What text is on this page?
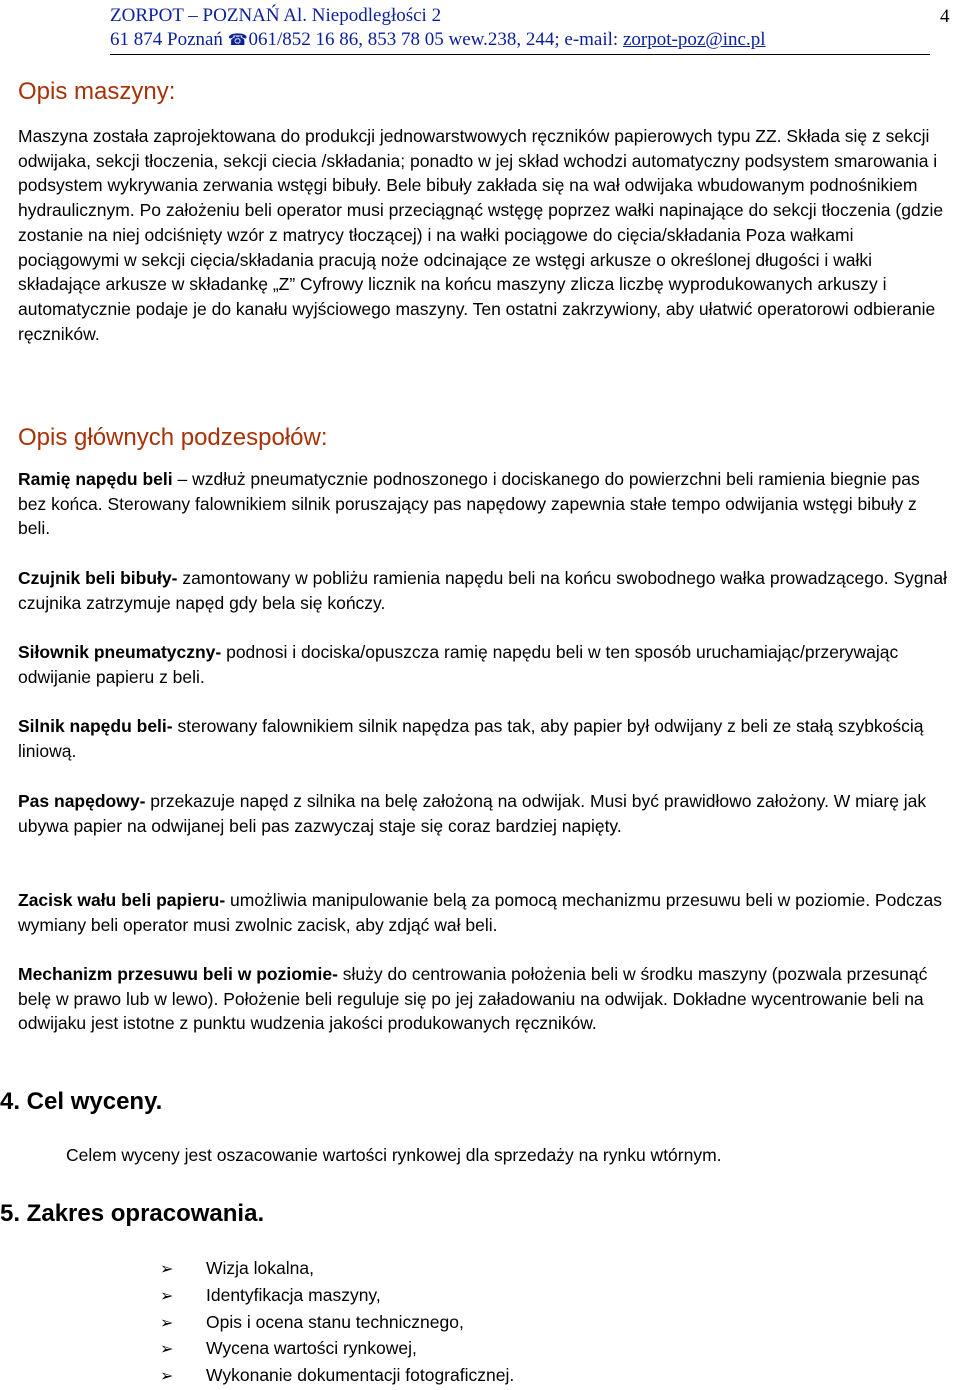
ZORPOT – POZNAŃ Al. Niepodległości 2
61 874 Poznań ☎ 061/852 16 86, 853 78 05 wew.238, 244; e-mail: zorpot-poz@inc.pl
4
Opis maszyny:

Maszyna została zaprojektowana do produkcji jednowarstwowych ręczników papierowych typu ZZ. Składa się z sekcji odwijaka, sekcji tłoczenia, sekcji ciecia /składania; ponadto w jej skład wchodzi automatyczny podsystem smarowania i podsystem wykrywania zerwania wstęgi bibuły. Bele bibuły zakłada się na wał odwijaka wbudowanym podnośnikiem hydraulicznym. Po założeniu beli operator musi przeciągnąć wstęgę poprzez wałki napinające do sekcji tłoczenia (gdzie zostanie na niej odciśnięty wzór z matrycy tłoczącej) i na wałki pociągowe do cięcia/składania Poza wałkami pociągowymi w sekcji cięcia/składania pracują noże odcinające ze wstęgi arkusze o określonej długości i wałki składające arkusze w składankę „Z” Cyfrowy licznik na końcu maszyny zlicza liczbę wyprodukowanych arkuszy i automatycznie podaje je do kanału wyjściowego maszyny. Ten ostatni zakrzywiony, aby ułatwić operatorowi odbieranie ręczników.

Opis głównych podzespołów:

Ramię napędu beli – wzdłuż pneumatycznie podnoszonego i dociskanego do powierzchni beli ramienia biegnie pas bez końca. Sterowany falownikiem silnik poruszający pas napędowy zapewnia stałe tempo odwijania wstęgi bibuły z beli.

Czujnik beli bibuły- zamontowany w pobliżu ramienia napędu beli na końcu swobodnego wałka prowadzącego. Sygnał czujnika zatrzymuje napęd gdy bela się kończy.

Siłownik pneumatyczny- podnosi i dociska/opuszcza ramię napędu beli w ten sposób uruchamiając/przerywając odwijanie papieru z beli.

Silnik napędu beli- sterowany falownikiem silnik napędza pas tak, aby papier był odwijany z beli ze stałą szybkością liniową.

Pas napędowy- przekazuje napęd z silnika na belę założoną na odwijak. Musi być prawidłowo założony. W miarę jak ubywa papier na odwijanej beli pas zazwyczaj staje się coraz bardziej napięty.

Zacisk wału beli papieru- umożliwia manipulowanie belą za pomocą mechanizmu przesuwu beli w poziomie. Podczas wymiany beli operator musi zwolnic zacisk, aby zdjąć wał beli.

Mechanizm przesuwu beli w poziomie- służy do centrowania położenia beli w środku maszyny (pozwala przesunąć belę w prawo lub w lewo). Położenie beli reguluje się po jej załadowaniu na odwijak. Dokładne wycentrowanie beli na odwijaku jest istotne z punktu wudzenia jakości produkowanych ręczników.

4. Cel wyceny.

Celem wyceny jest oszacowanie wartości rynkowej dla sprzedaży na rynku wtórnym.

5. Zakres opracowania.
➢ Wizja lokalna,
➢ Identyfikacja maszyny,
➢ Opis i ocena stanu technicznego,
➢ Wycena wartości rynkowej,
➢ Wykonanie dokumentacji fotograficznej.
